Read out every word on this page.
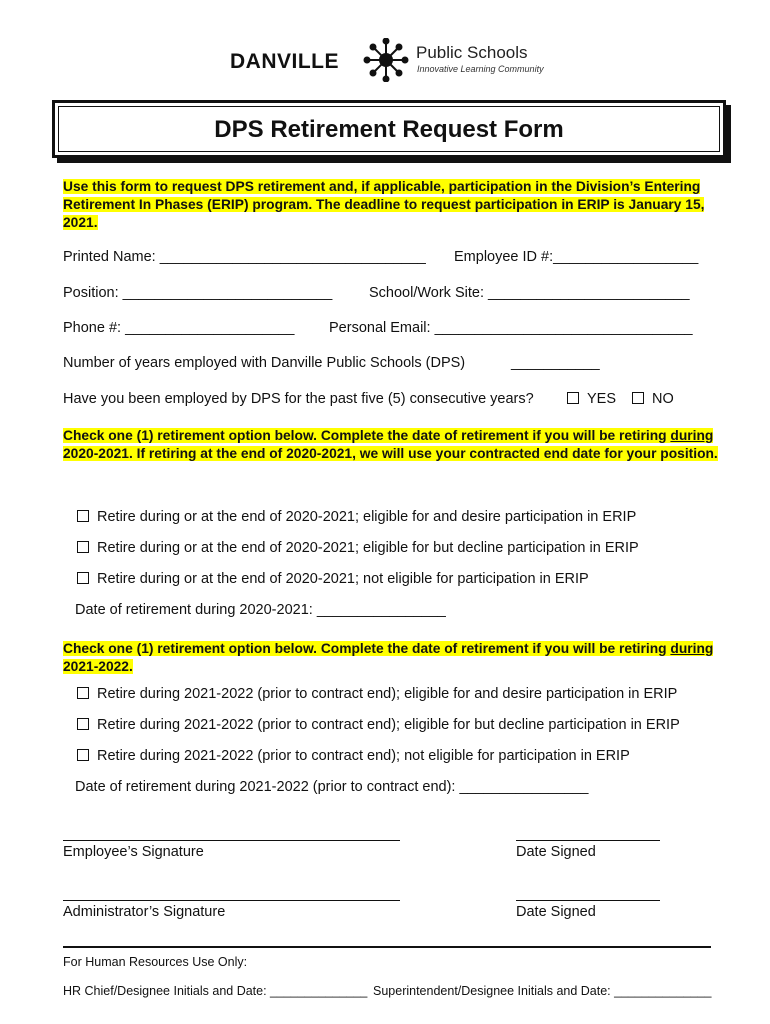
DANVILLE	Public Schools
Innovative Learning Community
DPS Retirement Request Form
Use this form to request DPS retirement and, if applicable, participation in the Division’s Entering Retirement In Phases (ERIP) program. The deadline to request participation in ERIP is January 15, 2021.
Printed Name: _________________________________ Employee ID #:__________________
Position: __________________________	School/Work Site: _________________________
Phone #: _____________________ Personal Email: ________________________________
Number of years employed with Danville Public Schools (DPS)	___________
Have you been employed by DPS for the past five (5) consecutive years?	YES	NO
Check one (1) retirement option below. Complete the date of retirement if you will be retiring during 2020-2021. If retiring at the end of 2020-2021, we will use your contracted end date for your position.
Retire during or at the end of 2020-2021; eligible for and desire participation in ERIP
Retire during or at the end of 2020-2021; eligible for but decline participation in ERIP
Retire during or at the end of 2020-2021; not eligible for participation in ERIP
Date of retirement during 2020-2021: ________________
Check one (1) retirement option below. Complete the date of retirement if you will be retiring during 2021-2022.
Retire during 2021-2022 (prior to contract end); eligible for and desire participation in ERIP
Retire during 2021-2022 (prior to contract end); eligible for but decline participation in ERIP
Retire during 2021-2022 (prior to contract end); not eligible for participation in ERIP
Date of retirement during 2021-2022 (prior to contract end): ________________
Employee’s Signature	Date Signed
Administrator’s Signature	Date Signed
For Human Resources Use Only:
HR Chief/Designee Initials and Date: ______________ Superintendent/Designee Initials and Date: ______________
